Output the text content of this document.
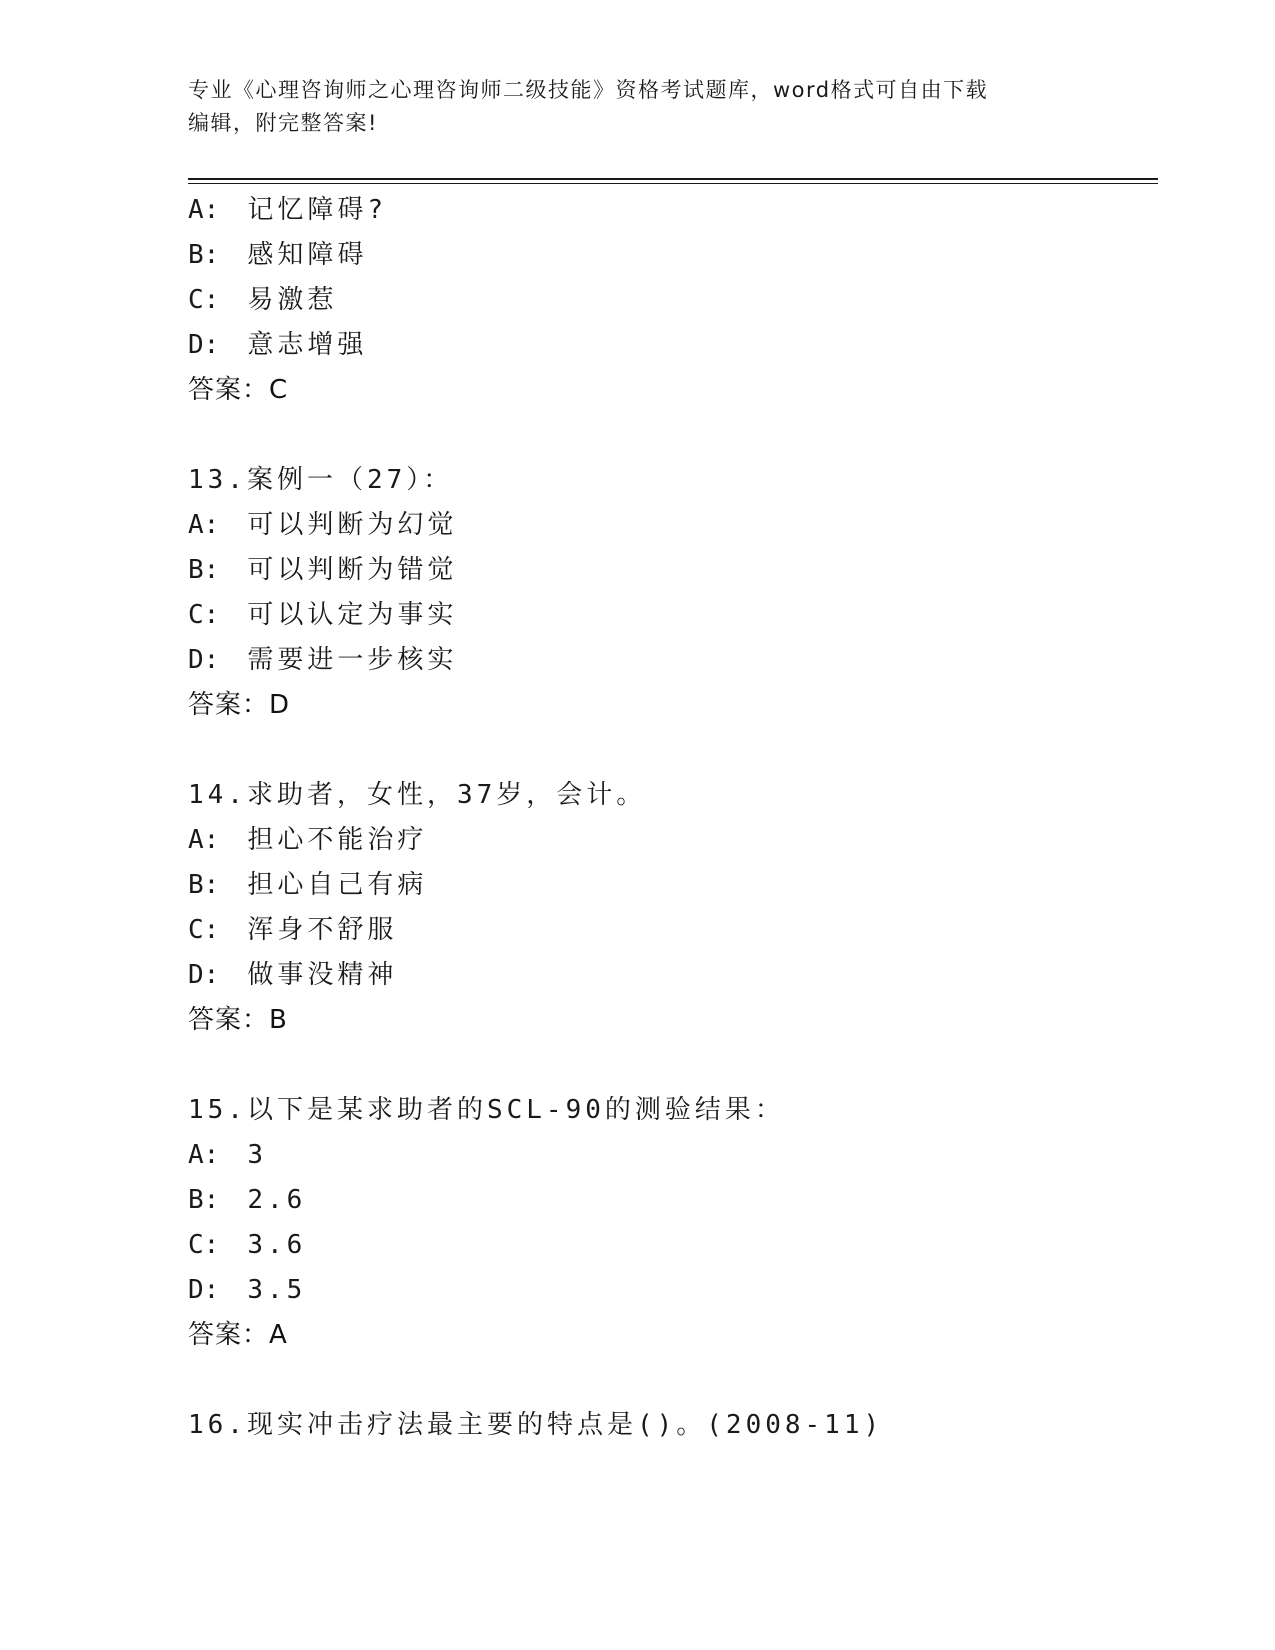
专业《心理咨询师之心理咨询师二级技能》资格考试题库，word格式可自由下载
编辑，附完整答案!
A: 记忆障碍?
B: 感知障碍
C: 易激惹
D: 意志增强
答案：C
13.案例一（27）：
A: 可以判断为幻觉
B: 可以判断为错觉
C: 可以认定为事实
D: 需要进一步核实
答案：D
14.求助者，女性，37岁，会计。
A: 担心不能治疗
B: 担心自己有病
C: 浑身不舒服
D: 做事没精神
答案：B
15.以下是某求助者的SCL-90的测验结果：
A: 3
B: 2.6
C: 3.6
D: 3.5
答案：A
16.现实冲击疗法最主要的特点是()。(2008-11)
